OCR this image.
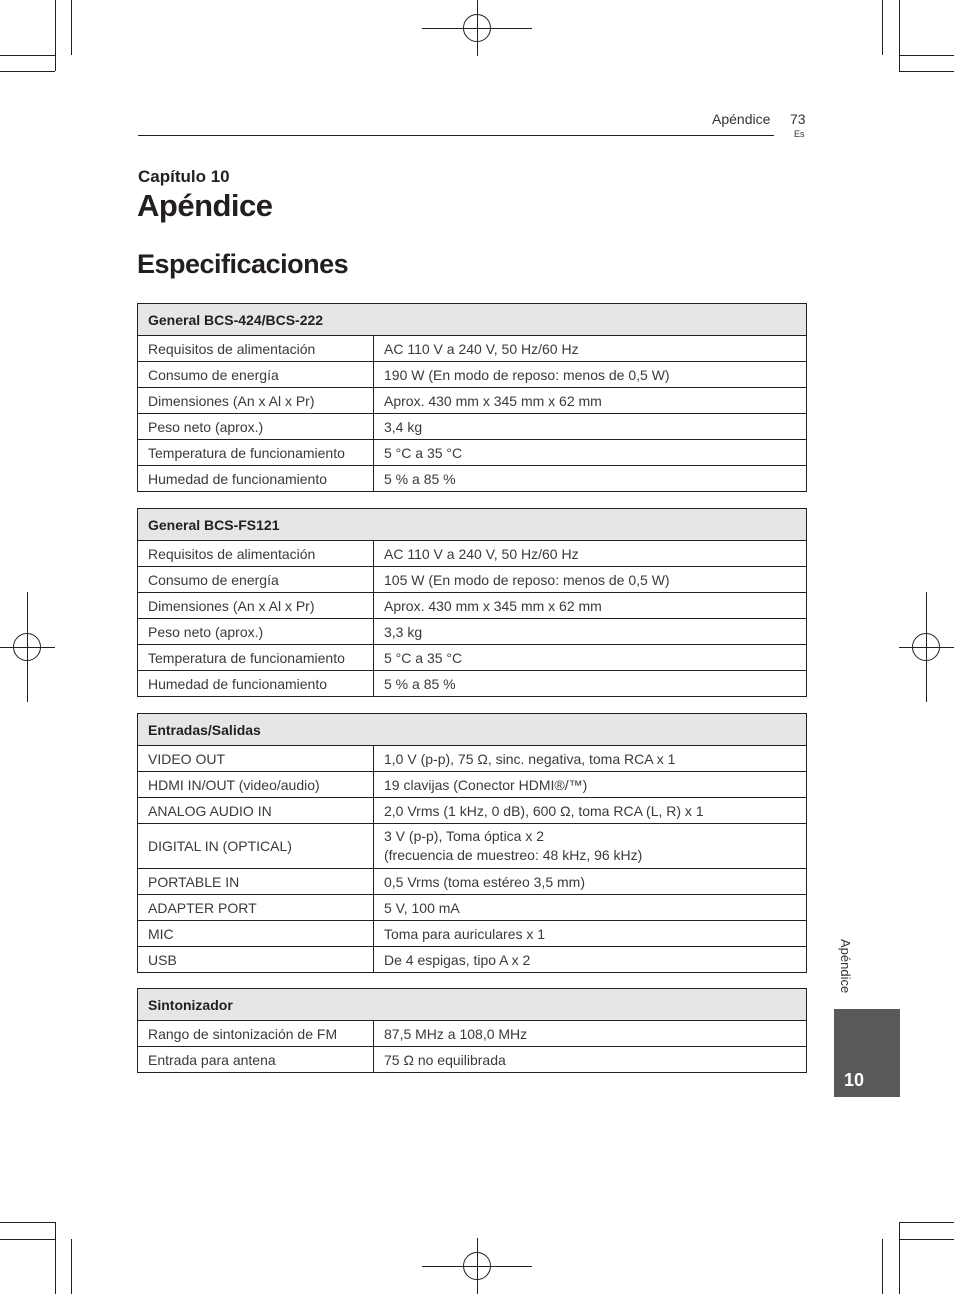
Apéndice 73
Es
Capítulo 10
Apéndice
Especificaciones
General BCS-424/BCS-222	
Requisitos de alimentación	AC 110 V a 240 V, 50 Hz/60 Hz
Consumo de energía	190 W (En modo de reposo: menos de 0,5 W)
Dimensiones (An x Al x Pr)	Aprox. 430 mm x 345 mm x 62 mm
Peso neto (aprox.)	3,4 kg
Temperatura de funcionamiento	5 °C a 35 °C
Humedad de funcionamiento	5 % a 85 %
General BCS-FS121	
Requisitos de alimentación	AC 110 V a 240 V, 50 Hz/60 Hz
Consumo de energía	105 W (En modo de reposo: menos de 0,5 W)
Dimensiones (An x Al x Pr)	Aprox. 430 mm x 345 mm x 62 mm
Peso neto (aprox.)	3,3 kg
Temperatura de funcionamiento	5 °C a 35 °C
Humedad de funcionamiento	5 % a 85 %
Entradas/Salidas	
VIDEO OUT	1,0 V (p-p), 75 Ω, sinc. negativa, toma RCA x 1
HDMI IN/OUT (video/audio)	19 clavijas (Conector HDMI®/™)
ANALOG AUDIO IN	2,0 Vrms (1 kHz, 0 dB), 600 Ω, toma RCA (L, R) x 1
DIGITAL IN (OPTICAL)	3 V (p-p), Toma óptica x 2
(frecuencia de muestreo: 48 kHz, 96 kHz)
PORTABLE IN	0,5 Vrms (toma estéreo 3,5 mm)
ADAPTER PORT	5 V, 100 mA
MIC	Toma para auriculares x 1
USB	De 4 espigas, tipo A x 2
Sintonizador	
Rango de sintonización de FM	87,5 MHz a 108,0 MHz
Entrada para antena	75 Ω no equilibrada
Apéndice
10
